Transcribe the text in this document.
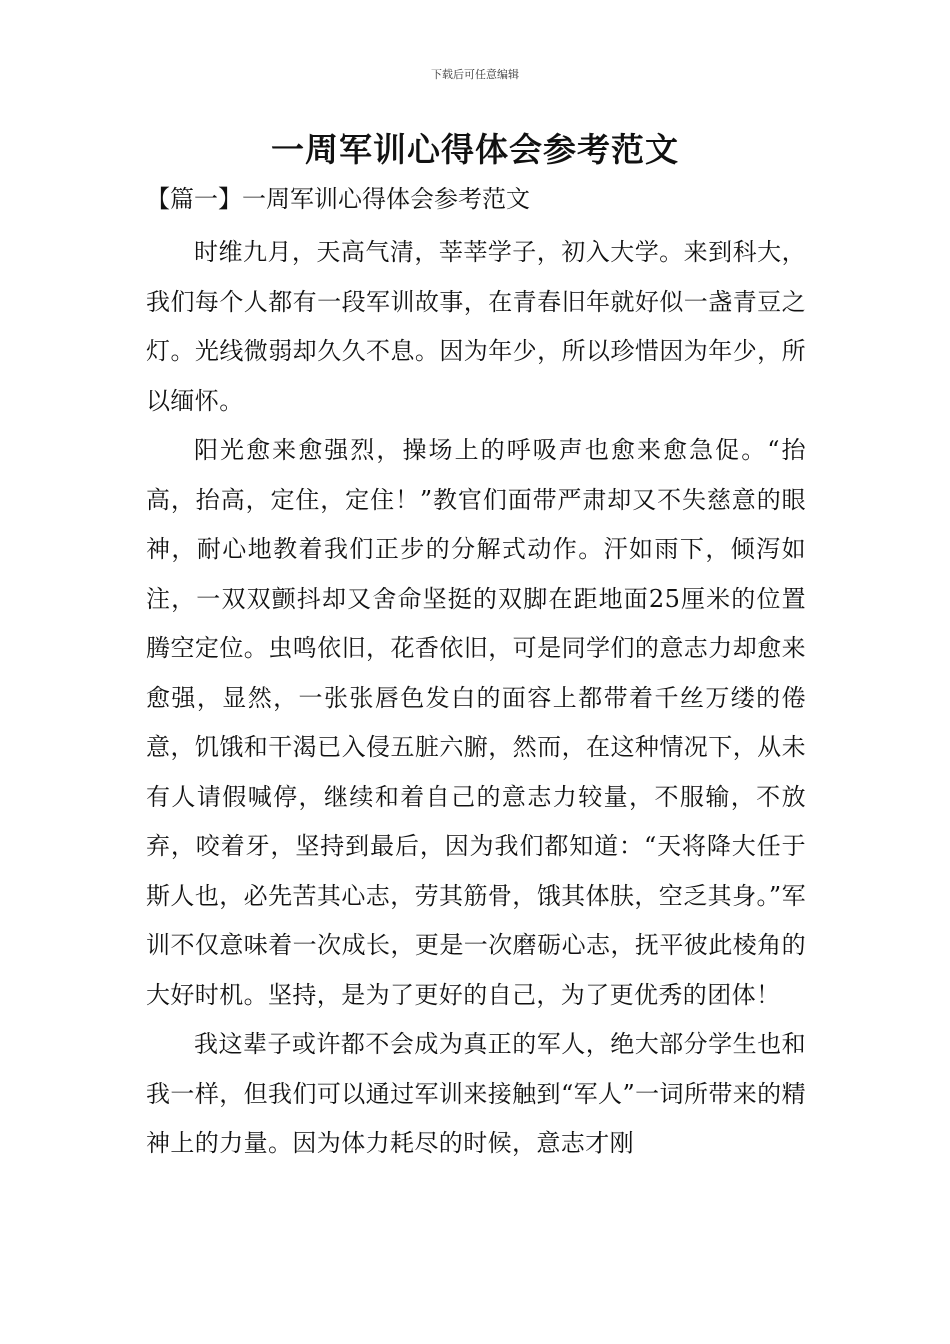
下载后可任意编辑
一周军训心得体会参考范文
【篇一】一周军训心得体会参考范文

时维九月，天高气清，莘莘学子，初入大学。来到科大，我们每个人都有一段军训故事，在青春旧年就好似一盏青豆之灯。光线微弱却久久不息。因为年少，所以珍惜因为年少，所以缅怀。

阳光愈来愈强烈，操场上的呼吸声也愈来愈急促。“抬高，抬高，定住，定住！”教官们面带严肃却又不失慈意的眼神，耐心地教着我们正步的分解式动作。汗如雨下，倾泻如注，一双双颤抖却又舍命坚挺的双脚在距地面25厘米的位置腾空定位。虫鸣依旧，花香依旧，可是同学们的意志力却愈来愈强，显然，一张张唇色发白的面容上都带着千丝万缕的倦意，饥饿和干渴已入侵五脏六腑，然而，在这种情况下，从未有人请假喊停，继续和着自己的意志力较量，不服输，不放弃，咬着牙，坚持到最后，因为我们都知道：“天将降大任于斯人也，必先苦其心志，劳其筋骨，饿其体肤，空乏其身。”军训不仅意味着一次成长，更是一次磨砺心志，抚平彼此棱角的大好时机。坚持，是为了更好的自己，为了更优秀的团体！

我这辈子或许都不会成为真正的军人，绝大部分学生也和我一样，但我们可以通过军训来接触到“军人”一词所带来的精神上的力量。因为体力耗尽的时候，意志才刚
